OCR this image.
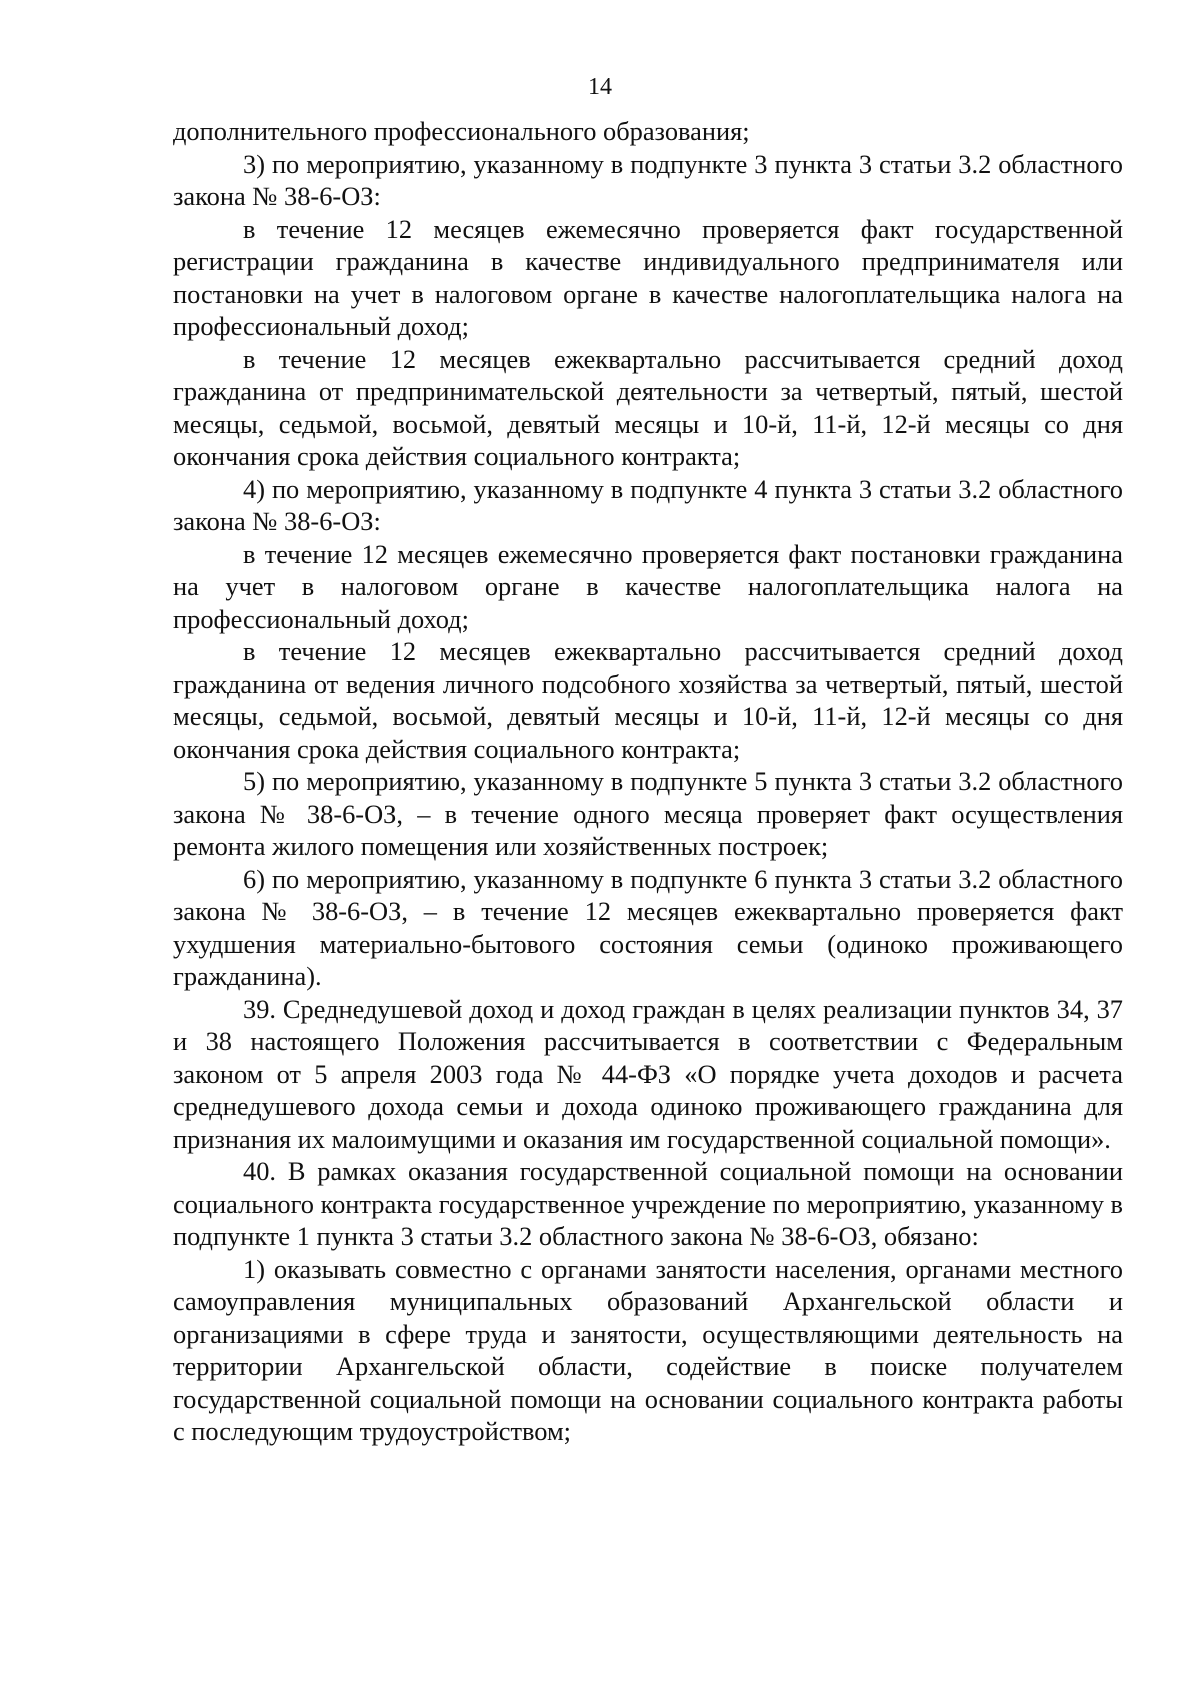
14

дополнительного профессионального образования;

3) по мероприятию, указанному в подпункте 3 пункта 3 статьи 3.2 областного закона № 38-6-ОЗ:

в течение 12 месяцев ежемесячно проверяется факт государственной регистрации гражданина в качестве индивидуального предпринимателя или постановки на учет в налоговом органе в качестве налогоплательщика налога на профессиональный доход;

в течение 12 месяцев ежеквартально рассчитывается средний доход гражданина от предпринимательской деятельности за четвертый, пятый, шестой месяцы, седьмой, восьмой, девятый месяцы и 10-й, 11-й, 12-й месяцы со дня окончания срока действия социального контракта;

4) по мероприятию, указанному в подпункте 4 пункта 3 статьи 3.2 областного закона № 38-6-ОЗ:

в течение 12 месяцев ежемесячно проверяется факт постановки гражданина на учет в налоговом органе в качестве налогоплательщика налога на профессиональный доход;

в течение 12 месяцев ежеквартально рассчитывается средний доход гражданина от ведения личного подсобного хозяйства за четвертый, пятый, шестой месяцы, седьмой, восьмой, девятый месяцы и 10-й, 11-й, 12-й месяцы со дня окончания срока действия социального контракта;

5) по мероприятию, указанному в подпункте 5 пункта 3 статьи 3.2 областного закона № 38-6-ОЗ, – в течение одного месяца проверяет факт осуществления ремонта жилого помещения или хозяйственных построек;

6) по мероприятию, указанному в подпункте 6 пункта 3 статьи 3.2 областного закона № 38-6-ОЗ, – в течение 12 месяцев ежеквартально проверяется факт ухудшения материально-бытового состояния семьи (одиноко проживающего гражданина).

39. Среднедушевой доход и доход граждан в целях реализации пунктов 34, 37 и 38 настоящего Положения рассчитывается в соответствии с Федеральным законом от 5 апреля 2003 года № 44-ФЗ «О порядке учета доходов и расчета среднедушевого дохода семьи и дохода одиноко проживающего гражданина для признания их малоимущими и оказания им государственной социальной помощи».

40. В рамках оказания государственной социальной помощи на основании социального контракта государственное учреждение по мероприятию, указанному в подпункте 1 пункта 3 статьи 3.2 областного закона № 38-6-ОЗ, обязано:

1) оказывать совместно с органами занятости населения, органами местного самоуправления муниципальных образований Архангельской области и организациями в сфере труда и занятости, осуществляющими деятельность на территории Архангельской области, содействие в поиске получателем государственной социальной помощи на основании социального контракта работы с последующим трудоустройством;
